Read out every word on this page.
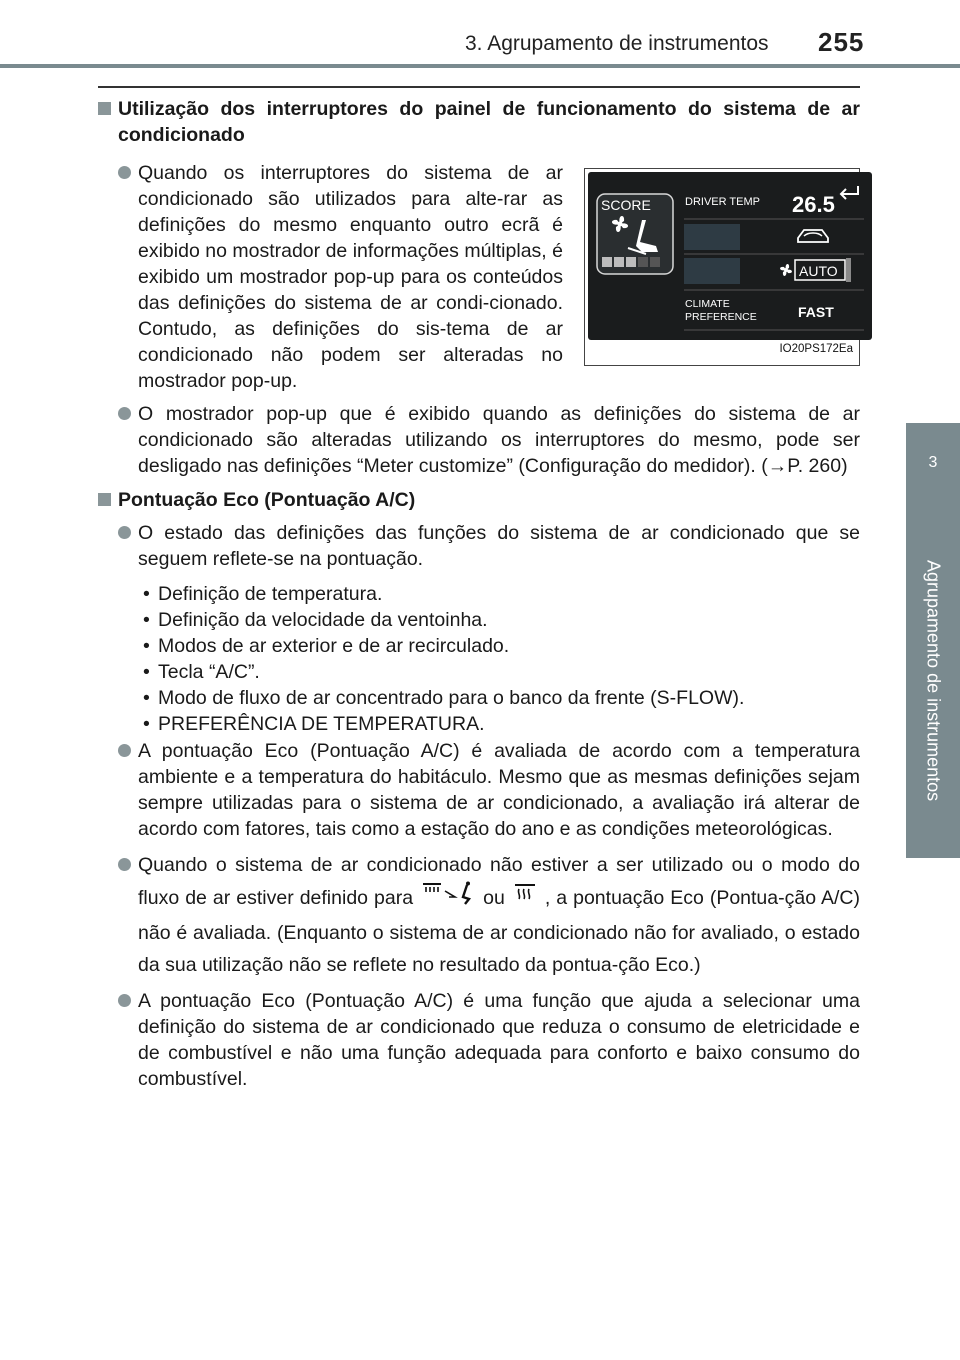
3. Agrupamento de instrumentos 255
3
Agrupamento de instrumentos
Utilização dos interruptores do painel de funcionamento do sistema de ar condicionado
Quando os interruptores do sistema de ar condicionado são utilizados para alte-rar as definições do mesmo enquanto outro ecrã é exibido no mostrador de informações múltiplas, é exibido um mostrador pop-up para os conteúdos das definições do sistema de ar condi-cionado. Contudo, as definições do sis-tema de ar condicionado não podem ser alteradas no mostrador pop-up.
SCORE	DRIVER TEMP 26.5
AUTO
CLIMATE
PREFERENCE	FAST
IO20PS172Ea
O mostrador pop-up que é exibido quando as definições do sistema de ar condicionado são alteradas utilizando os interruptores do mesmo, pode ser desligado nas definições “Meter customize” (Configuração do medidor). (→P. 260)
Pontuação Eco (Pontuação A/C)
O estado das definições das funções do sistema de ar condicionado que se seguem reflete-se na pontuação.
• Definição de temperatura.
• Definição da velocidade da ventoinha.
• Modos de ar exterior e de ar recirculado.
• Tecla “A/C”.
• Modo de fluxo de ar concentrado para o banco da frente (S-FLOW).
• PREFERÊNCIA DE TEMPERATURA.
A pontuação Eco (Pontuação A/C) é avaliada de acordo com a temperatura ambiente e a temperatura do habitáculo. Mesmo que as mesmas definições sejam sempre utilizadas para o sistema de ar condicionado, a avaliação irá alterar de acordo com fatores, tais como a estação do ano e as condições meteorológicas.
Quando o sistema de ar condicionado não estiver a ser utilizado ou o modo do fluxo de ar estiver definido para	ou , a pontuação Eco (Pontua-ção A/C) não é avaliada. (Enquanto o sistema de ar condicionado não for avaliado, o estado da sua utilização não se reflete no resultado da pontua-ção Eco.)
A pontuação Eco (Pontuação A/C) é uma função que ajuda a selecionar uma definição do sistema de ar condicionado que reduza o consumo de eletricidade e de combustível e não uma função adequada para conforto e baixo consumo do combustível.
